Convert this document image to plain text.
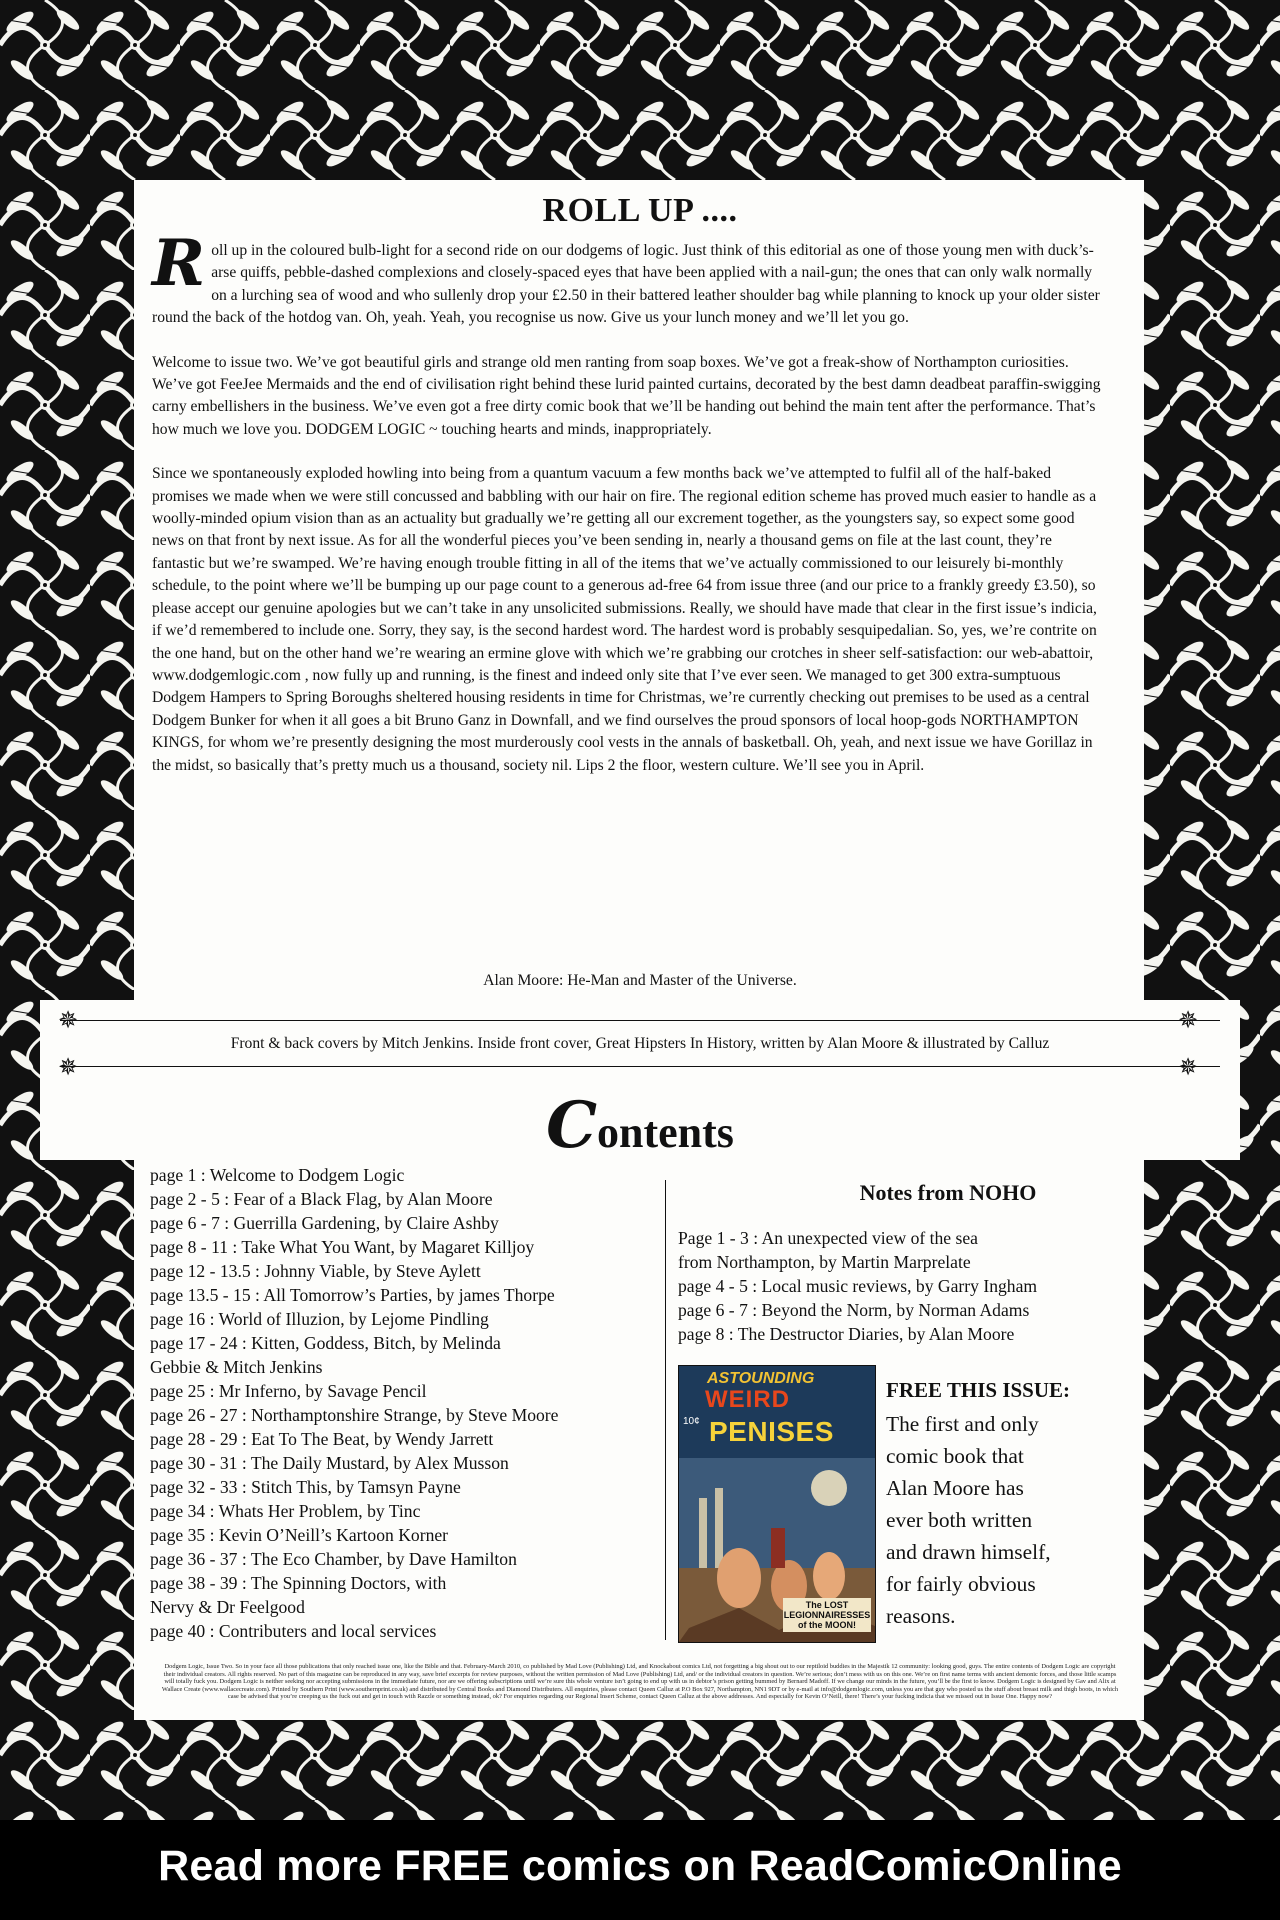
ROLL UP ....

Roll up in the coloured bulb-light for a second ride on our dodgems of logic. Just think of this editorial as one of those young men with duck’s-arse quiffs, pebble-dashed complexions and closely-spaced eyes that have been applied with a nail-gun; the ones that can only walk normally on a lurching sea of wood and who sullenly drop your £2.50 in their battered leather shoulder bag while planning to knock up your older sister round the back of the hotdog van. Oh, yeah. Yeah, you recognise us now. Give us your lunch money and we’ll let you go.

Welcome to issue two. We’ve got beautiful girls and strange old men ranting from soap boxes. We’ve got a freak-show of Northampton curiosities. We’ve got FeeJee Mermaids and the end of civilisation right behind these lurid painted curtains, decorated by the best damn deadbeat paraffin-swigging carny embellishers in the business. We’ve even got a free dirty comic book that we’ll be handing out behind the main tent after the performance. That’s how much we love you. DODGEM LOGIC ~ touching hearts and minds, inappropriately.

Since we spontaneously exploded howling into being from a quantum vacuum a few months back we’ve attempted to fulfil all of the half-baked promises we made when we were still concussed and babbling with our hair on fire. The regional edition scheme has proved much easier to handle as a woolly-minded opium vision than as an actuality but gradually we’re getting all our excrement together, as the youngsters say, so expect some good news on that front by next issue. As for all the wonderful pieces you’ve been sending in, nearly a thousand gems on file at the last count, they’re fantastic but we’re swamped. We’re having enough trouble fitting in all of the items that we’ve actually commissioned to our leisurely bi-monthly schedule, to the point where we’ll be bumping up our page count to a generous ad-free 64 from issue three (and our price to a frankly greedy £3.50), so please accept our genuine apologies but we can’t take in any unsolicited submissions. Really, we should have made that clear in the first issue’s indicia, if we’d remembered to include one. Sorry, they say, is the second hardest word. The hardest word is probably sesquipedalian. So, yes, we’re contrite on the one hand, but on the other hand we’re wearing an ermine glove with which we’re grabbing our crotches in sheer self-satisfaction: our web-abattoir, www.dodgemlogic.com , now fully up and running, is the finest and indeed only site that I’ve ever seen. We managed to get 300 extra-sumptuous Dodgem Hampers to Spring Boroughs sheltered housing residents in time for Christmas, we’re currently checking out premises to be used as a central Dodgem Bunker for when it all goes a bit Bruno Ganz in Downfall, and we find ourselves the proud sponsors of local hoop-gods NORTHAMPTON KINGS, for whom we’re presently designing the most murderously cool vests in the annals of basketball. Oh, yeah, and next issue we have Gorillaz in the midst, so basically that’s pretty much us a thousand, society nil. Lips 2 the floor, western culture. We’ll see you in April.

Alan Moore: He-Man and Master of the Universe.
✵	✵
Front & back covers by Mitch Jenkins. Inside front cover, Great Hipsters In History, written by Alan Moore & illustrated by Calluz
✵	✵
Contents
page 1 : Welcome to Dodgem Logic
page 2 - 5 : Fear of a Black Flag, by Alan Moore
page 6 - 7 : Guerrilla Gardening, by Claire Ashby
page 8 - 11 : Take What You Want, by Magaret Killjoy
page 12 - 13.5 : Johnny Viable, by Steve Aylett
page 13.5 - 15 : All Tomorrow’s Parties, by james Thorpe
page 16 : World of Illuzion, by Lejome Pindling
page 17 - 24 : Kitten, Goddess, Bitch, by Melinda
Gebbie & Mitch Jenkins
page 25 : Mr Inferno, by Savage Pencil
page 26 - 27 : Northamptonshire Strange, by Steve Moore
page 28 - 29 : Eat To The Beat, by Wendy Jarrett
page 30 - 31 : The Daily Mustard, by Alex Musson
page 32 - 33 : Stitch This, by Tamsyn Payne
page 34 : Whats Her Problem, by Tinc
page 35 : Kevin O’Neill’s Kartoon Korner
page 36 - 37 : The Eco Chamber, by Dave Hamilton
page 38 - 39 : The Spinning Doctors, with
Nervy & Dr Feelgood
page 40 : Contributers and local services
Notes from NOHO
Page 1 - 3 : An unexpected view of the sea
from Northampton, by Martin Marprelate
page 4 - 5 : Local music reviews, by Garry Ingham
page 6 - 7 : Beyond the Norm, by Norman Adams
page 8 : The Destructor Diaries, by Alan Moore
ASTOUNDING
WEIRD
PENISES
10¢
The LOST LEGIONNAIRESSES of the MOON!
FREE THIS ISSUE:
The first and only
comic book that
Alan Moore has
ever both written
and drawn himself,
for fairly obvious
reasons.
Dodgem Logic, Issue Two. So in your face all those publications that only reached issue one, like the Bible and that. February-March 2010, co published by Mad Love (Publishing) Ltd, and Knockabout comics Ltd, not forgetting a big shout out to our reptiloid buddies in the Majestik 12 community: looking good, guys. The entire contents of Dodgem Logic are copyright their individual creators. All rights reserved. No part of this magazine can be reproduced in any way, save brief excerpts for review purposes, without the written permission of Mad Love (Publishing) Ltd, and/ or the individual creators in question. We’re serious; don’t mess with us on this one. We’re on first name terms with ancient demonic forces, and those little scamps will totally fuck you. Dodgem Logic is neither seeking nor accepting submissions in the immediate future, nor are we offering subscriptions until we’re sure this whole venture isn’t going to end up with us in debtor’s prison getting bummed by Bernard Madoff. If we change our minds in the future, you’ll be the first to know. Dodgem Logic is designed by Gav and Alix at Wallace Create (www.wallacecreate.com). Printed by Southern Print (www.southernprint.co.uk) and distributed by Central Books and Diamond Distributers. All enquiries, please contact Queen Calluz at P.O Box 927, Northampton, NN1 9DT or by e-mail at info@dodgemlogic.com, unless you are that guy who posted us the stuff about breast milk and thigh boots, in which case be advised that you’re creeping us the fuck out and get in touch with Razzle or something instead, ok? For enquiries regarding our Regional Insert Scheme, contact Queen Calluz at the above addresses. And especially for Kevin O’Neill, there! There’s your fucking indicia that we missed out in Issue One. Happy now?
Read more FREE comics on ReadComicOnline
